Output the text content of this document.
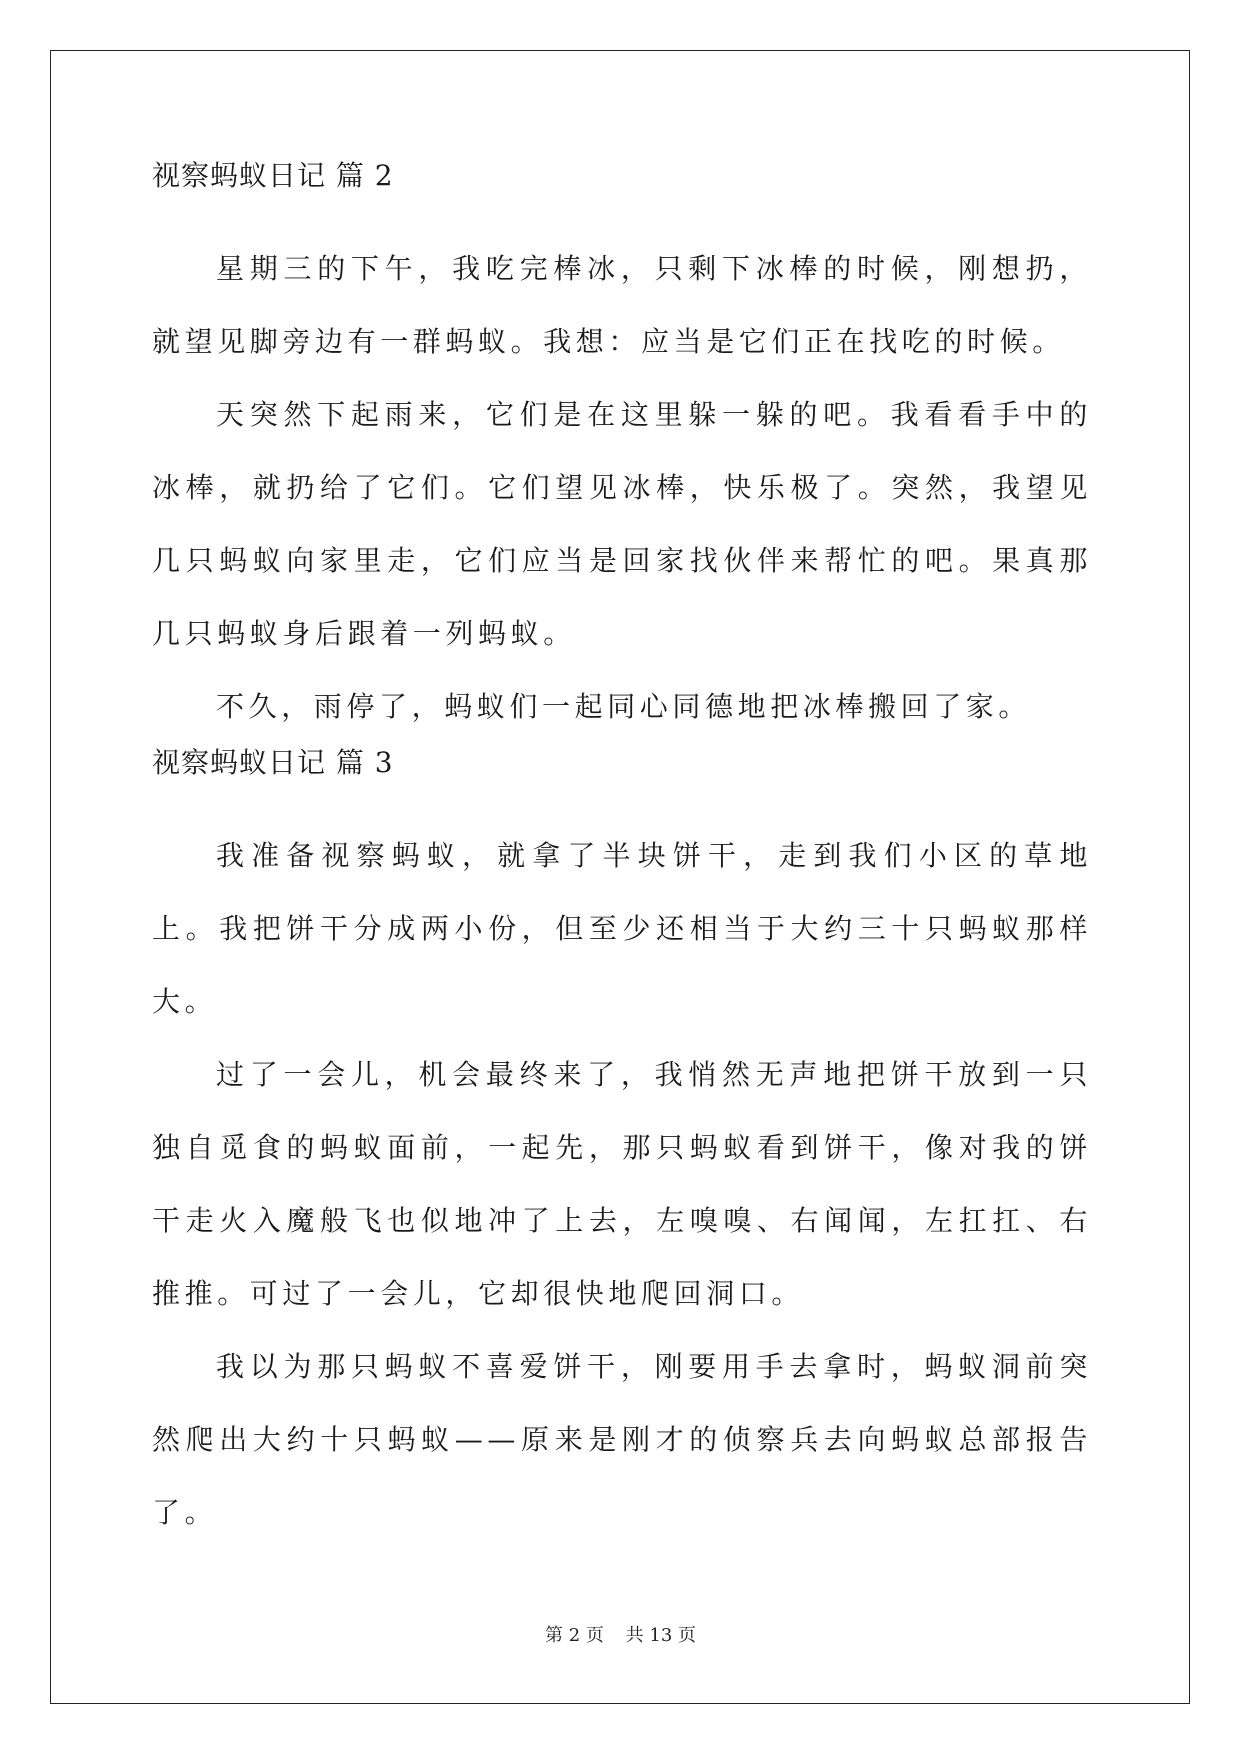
视察蚂蚁日记 篇 2

星期三的下午，我吃完棒冰，只剩下冰棒的时候，刚想扔，就望见脚旁边有一群蚂蚁。我想：应当是它们正在找吃的时候。

天突然下起雨来，它们是在这里躲一躲的吧。我看看手中的冰棒，就扔给了它们。它们望见冰棒，快乐极了。突然，我望见几只蚂蚁向家里走，它们应当是回家找伙伴来帮忙的吧。果真那几只蚂蚁身后跟着一列蚂蚁。

不久，雨停了，蚂蚁们一起同心同德地把冰棒搬回了家。

视察蚂蚁日记 篇 3

我准备视察蚂蚁，就拿了半块饼干，走到我们小区的草地上。我把饼干分成两小份，但至少还相当于大约三十只蚂蚁那样大。

过了一会儿，机会最终来了，我悄然无声地把饼干放到一只独自觅食的蚂蚁面前，一起先，那只蚂蚁看到饼干，像对我的饼干走火入魔般飞也似地冲了上去，左嗅嗅、右闻闻，左扛扛、右推推。可过了一会儿，它却很快地爬回洞口。

我以为那只蚂蚁不喜爱饼干，刚要用手去拿时，蚂蚁洞前突然爬出大约十只蚂蚁——原来是刚才的侦察兵去向蚂蚁总部报告了。

第 2 页 共 13 页
